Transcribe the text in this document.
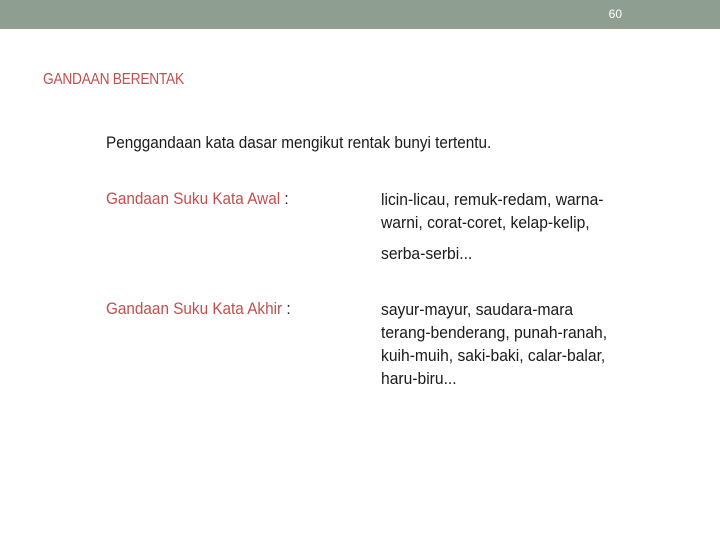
60
GANDAAN BERENTAK
Penggandaan kata dasar mengikut rentak bunyi tertentu.
Gandaan Suku Kata Awal :	licin-licau, remuk-redam, warna-
warni, corat-coret, kelap-kelip,
serba-serbi...
Gandaan Suku Kata Akhir :	sayur-mayur, saudara-mara
terang-benderang, punah-ranah,
kuih-muih, saki-baki, calar-balar,
haru-biru...
